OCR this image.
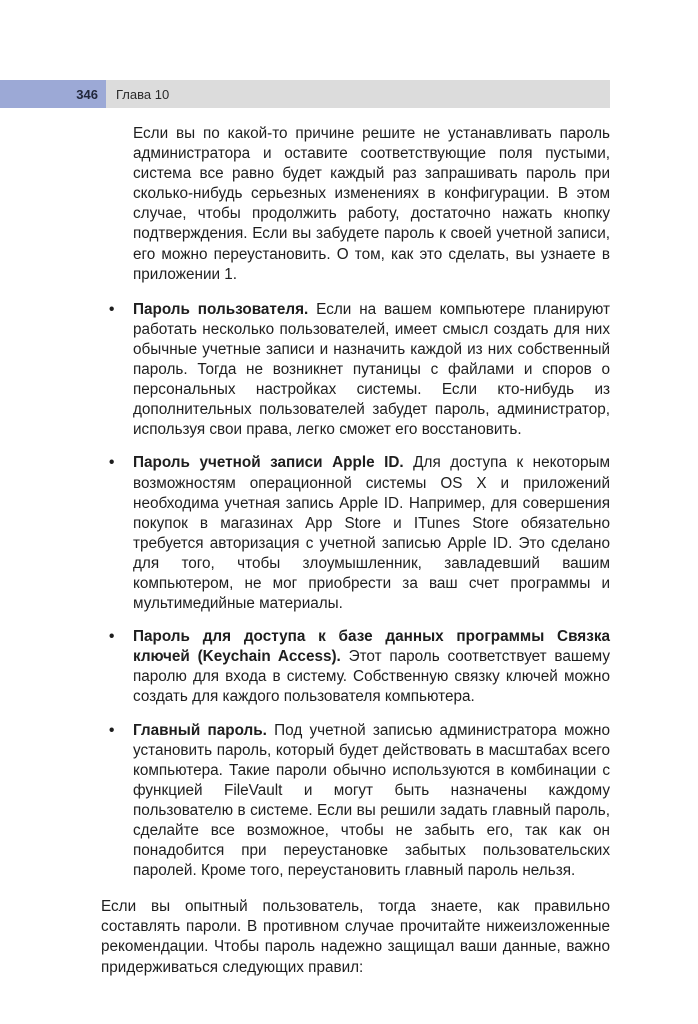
346	Глава 10

Если вы по какой-то причине решите не устанавливать пароль администратора и оставите соответствующие поля пустыми, система все равно будет каждый раз запрашивать пароль при сколько-нибудь серьезных изменениях в конфигурации. В этом случае, чтобы продолжить работу, достаточно нажать кнопку подтверждения. Если вы забудете пароль к своей учетной записи, его можно переустановить. О том, как это сделать, вы узнаете в приложении 1.

• Пароль пользователя. Если на вашем компьютере планируют работать несколько пользователей, имеет смысл создать для них обычные учетные записи и назначить каждой из них собственный пароль. Тогда не возникнет путаницы с файлами и споров о персональных настройках системы. Если кто-нибудь из дополнительных пользователей забудет пароль, администратор, используя свои права, легко сможет его восстановить.
• Пароль учетной записи Apple ID. Для доступа к некоторым возможностям операционной системы OS X и приложений необходима учетная запись Apple ID. Например, для совершения покупок в магазинах App Store и ITunes Store обязательно требуется авторизация с учетной записью Apple ID. Это сделано для того, чтобы злоумышленник, завладевший вашим компьютером, не мог приобрести за ваш счет программы и мультимедийные материалы.
• Пароль для доступа к базе данных программы Связка ключей (Keychain Access). Этот пароль соответствует вашему паролю для входа в систему. Собственную связку ключей можно создать для каждого пользователя компьютера.
• Главный пароль. Под учетной записью администратора можно установить пароль, который будет действовать в масштабах всего компьютера. Такие пароли обычно используются в комбинации с функцией FileVault и могут быть назначены каждому пользователю в системе. Если вы решили задать главный пароль, сделайте все возможное, чтобы не забыть его, так как он понадобится при переустановке забытых пользовательских паролей. Кроме того, переустановить главный пароль нельзя.

Если вы опытный пользователь, тогда знаете, как правильно составлять пароли. В противном случае прочитайте нижеизложенные рекомендации. Чтобы пароль надежно защищал ваши данные, важно придерживаться следующих правил:
